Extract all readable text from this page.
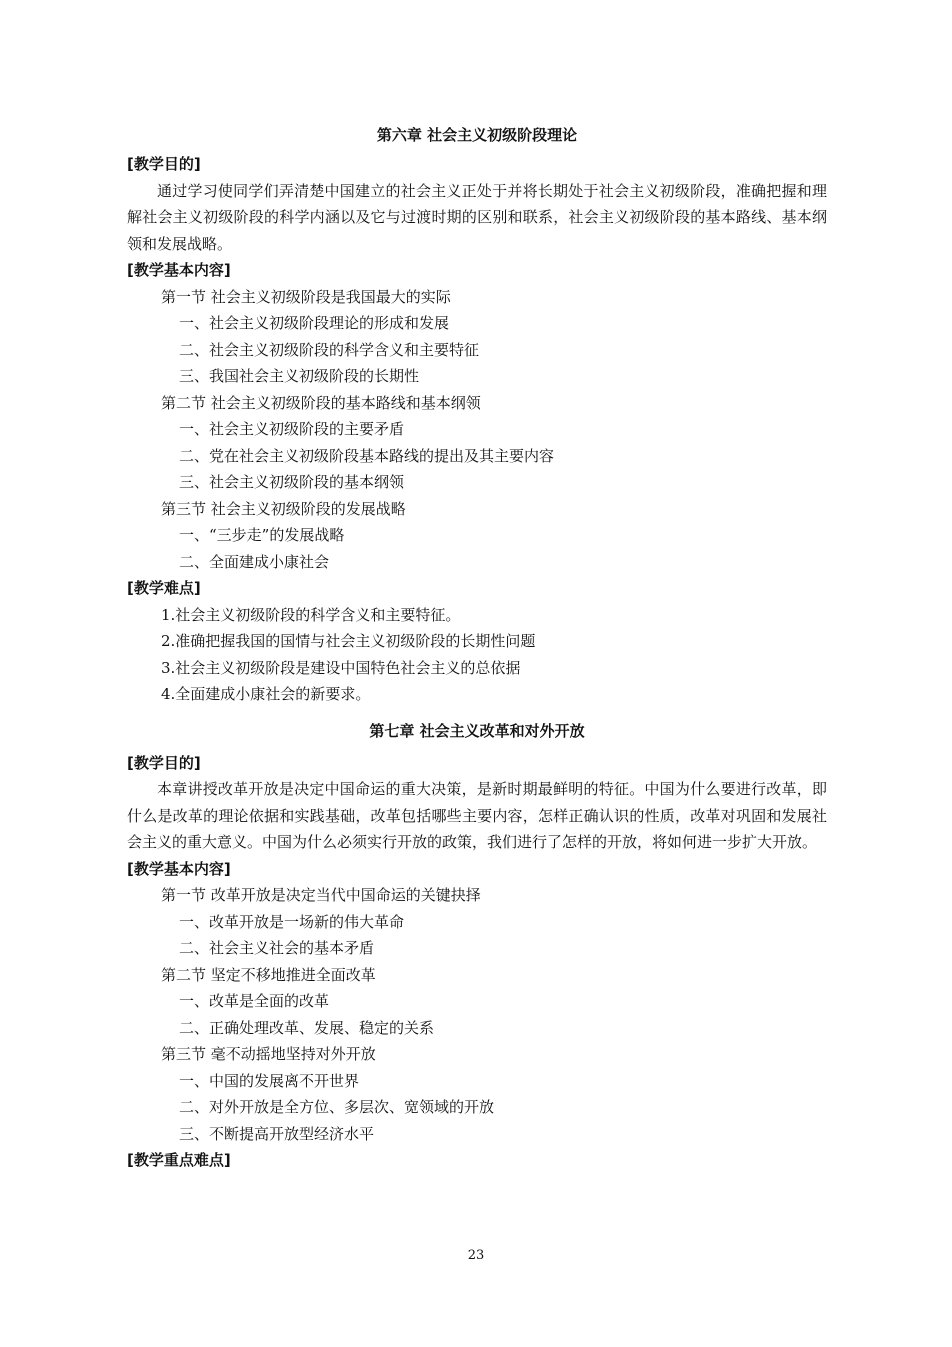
第六章 社会主义初级阶段理论
[教学目的]

通过学习使同学们弄清楚中国建立的社会主义正处于并将长期处于社会主义初级阶段，准确把握和理解社会主义初级阶段的科学内涵以及它与过渡时期的区别和联系，社会主义初级阶段的基本路线、基本纲领和发展战略。

[教学基本内容]
第一节 社会主义初级阶段是我国最大的实际
一、社会主义初级阶段理论的形成和发展
二、社会主义初级阶段的科学含义和主要特征
三、我国社会主义初级阶段的长期性
第二节 社会主义初级阶段的基本路线和基本纲领
一、社会主义初级阶段的主要矛盾
二、党在社会主义初级阶段基本路线的提出及其主要内容
三、社会主义初级阶段的基本纲领
第三节 社会主义初级阶段的发展战略
一、“三步走”的发展战略
二、全面建成小康社会
[教学难点]
1.社会主义初级阶段的科学含义和主要特征。
2.准确把握我国的国情与社会主义初级阶段的长期性问题
3.社会主义初级阶段是建设中国特色社会主义的总依据
4.全面建成小康社会的新要求。
第七章 社会主义改革和对外开放
[教学目的]

本章讲授改革开放是决定中国命运的重大决策，是新时期最鲜明的特征。中国为什么要进行改革，即什么是改革的理论依据和实践基础，改革包括哪些主要内容，怎样正确认识的性质，改革对巩固和发展社会主义的重大意义。中国为什么必须实行开放的政策，我们进行了怎样的开放，将如何进一步扩大开放。

[教学基本内容]
第一节 改革开放是决定当代中国命运的关键抉择
一、改革开放是一场新的伟大革命
二、社会主义社会的基本矛盾
第二节 坚定不移地推进全面改革
一、改革是全面的改革
二、正确处理改革、发展、稳定的关系
第三节 毫不动摇地坚持对外开放
一、中国的发展离不开世界
二、对外开放是全方位、多层次、宽领域的开放
三、不断提高开放型经济水平
[教学重点难点]
23
